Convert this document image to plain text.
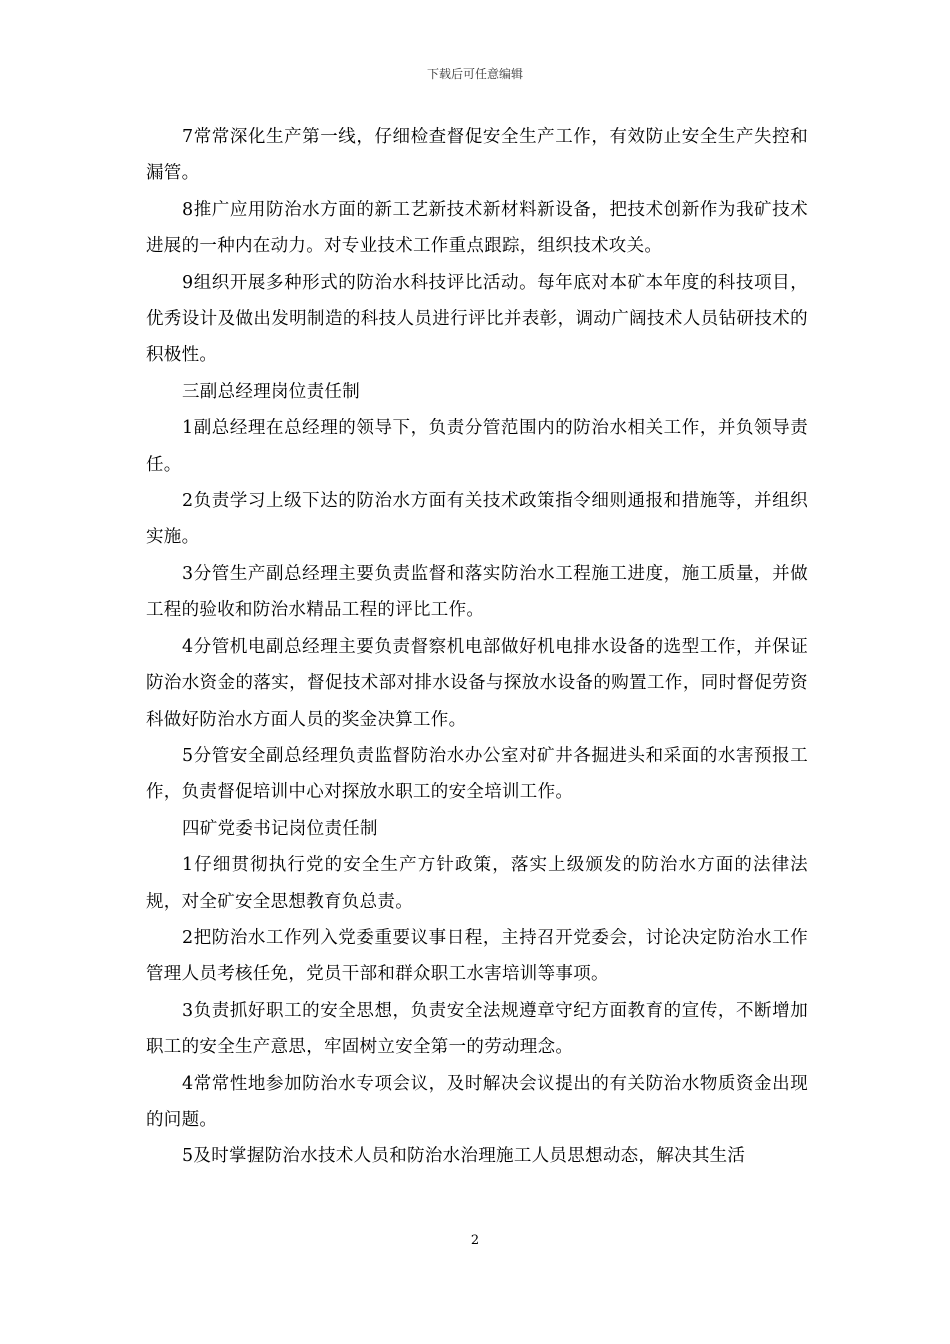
下载后可任意编辑

7常常深化生产第一线，仔细检查督促安全生产工作，有效防止安全生产失控和漏管。

8推广应用防治水方面的新工艺新技术新材料新设备，把技术创新作为我矿技术进展的一种内在动力。对专业技术工作重点跟踪，组织技术攻关。

9组织开展多种形式的防治水科技评比活动。每年底对本矿本年度的科技项目，优秀设计及做出发明制造的科技人员进行评比并表彰，调动广阔技术人员钻研技术的积极性。

三副总经理岗位责任制

1副总经理在总经理的领导下，负责分管范围内的防治水相关工作，并负领导责任。

2负责学习上级下达的防治水方面有关技术政策指令细则通报和措施等，并组织实施。

3分管生产副总经理主要负责监督和落实防治水工程施工进度，施工质量，并做工程的验收和防治水精品工程的评比工作。

4分管机电副总经理主要负责督察机电部做好机电排水设备的选型工作，并保证防治水资金的落实，督促技术部对排水设备与探放水设备的购置工作，同时督促劳资科做好防治水方面人员的奖金决算工作。

5分管安全副总经理负责监督防治水办公室对矿井各掘进头和采面的水害预报工作，负责督促培训中心对探放水职工的安全培训工作。

四矿党委书记岗位责任制

1仔细贯彻执行党的安全生产方针政策，落实上级颁发的防治水方面的法律法规，对全矿安全思想教育负总责。

2把防治水工作列入党委重要议事日程，主持召开党委会，讨论决定防治水工作管理人员考核任免，党员干部和群众职工水害培训等事项。

3负责抓好职工的安全思想，负责安全法规遵章守纪方面教育的宣传，不断增加职工的安全生产意思，牢固树立安全第一的劳动理念。

4常常性地参加防治水专项会议，及时解决会议提出的有关防治水物质资金出现的问题。

5及时掌握防治水技术人员和防治水治理施工人员思想动态，解决其生活

2
